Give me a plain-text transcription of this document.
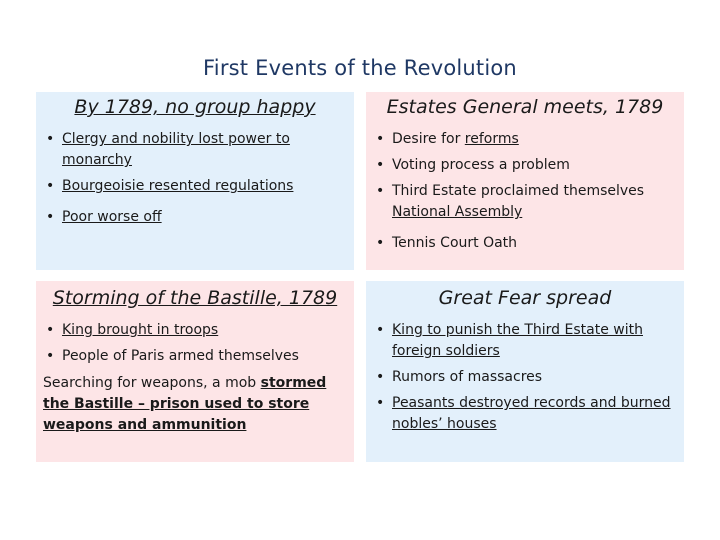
First Events of the Revolution
By 1789, no group happy
• Clergy and nobility lost power to monarchy
• Bourgeoisie resented regulations
• Poor worse off
Estates General meets, 1789
• Desire for reforms
• Voting process a problem
• Third Estate proclaimed themselves National Assembly
• Tennis Court Oath
Storming of the Bastille, 1789
• King brought in troops
• People of Paris armed themselves
Searching for weapons, a mob stormed the Bastille – prison used to store weapons and ammunition
Great Fear spread
• King to punish the Third Estate with foreign soldiers
• Rumors of massacres
• Peasants destroyed records and burned nobles’ houses
